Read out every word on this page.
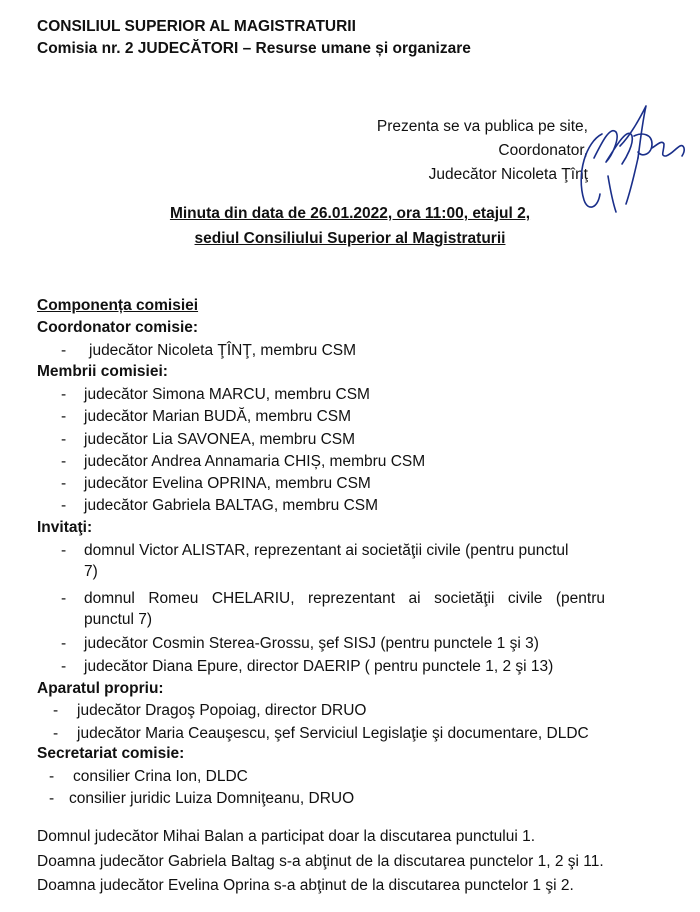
CONSILIUL SUPERIOR AL MAGISTRATURII
Comisia nr. 2 JUDECĂTORI – Resurse umane și organizare
Prezenta se va publica pe site,
Coordonator,
Judecător Nicoleta Ţînţ
Minuta din data de 26.01.2022, ora 11:00, etajul 2,
sediul Consiliului Superior al Magistraturii
Componența comisiei
Coordonator comisie:
- judecător Nicoleta ŢÎNŢ, membru CSM
Membrii comisiei:
- judecător Simona MARCU, membru CSM
- judecător Marian BUDĂ, membru CSM
- judecător Lia SAVONEA, membru CSM
- judecător Andrea Annamaria CHIȘ, membru CSM
- judecător Evelina OPRINA, membru CSM
- judecător Gabriela BALTAG, membru CSM
Invitaţi:
- domnul Victor ALISTAR, reprezentant ai societăţii civile (pentru punctul
7)
- domnul Romeu CHELARIU, reprezentant ai societăţii civile (pentru
punctul 7)
- judecător Cosmin Sterea-Grossu, şef SISJ (pentru punctele 1 şi 3)
- judecător Diana Epure, director DAERIP ( pentru punctele 1, 2 şi 13)
Aparatul propriu:
- judecător Dragoş Popoiag, director DRUO
- judecător Maria Ceauşescu, şef Serviciul Legislaţie şi documentare, DLDC
Secretariat comisie:
- consilier Crina Ion, DLDC
- consilier juridic Luiza Domniţeanu, DRUO
Domnul judecător Mihai Balan a participat doar la discutarea punctului 1.
Doamna judecător Gabriela Baltag s-a abţinut de la discutarea punctelor 1, 2 şi 11.
Doamna judecător Evelina Oprina s-a abţinut de la discutarea punctelor 1 şi 2.
